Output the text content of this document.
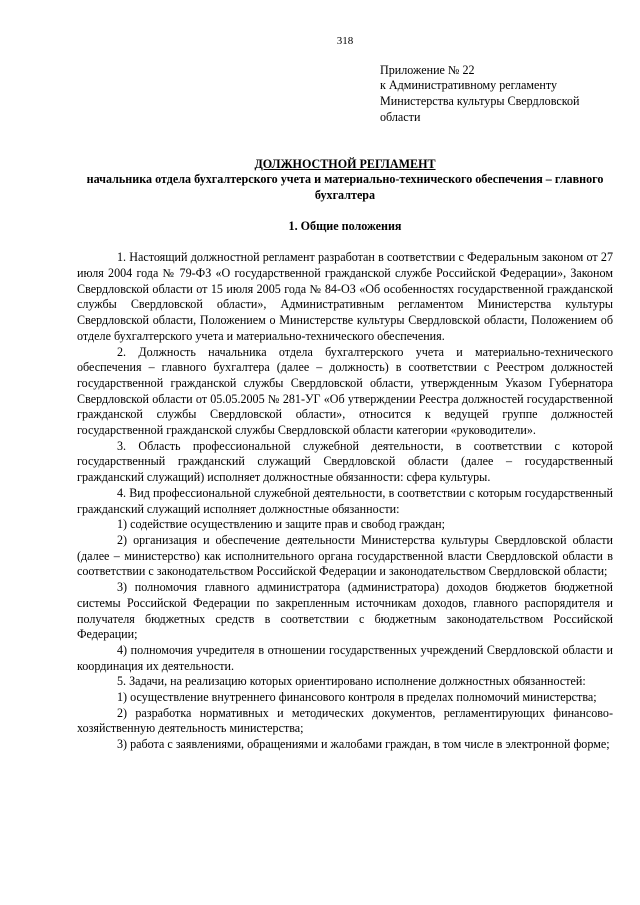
318
Приложение № 22
к Административному регламенту
Министерства культуры Свердловской
области
ДОЛЖНОСТНОЙ РЕГЛАМЕНТ
начальника отдела бухгалтерского учета и материально-технического обеспечения – главного бухгалтера
1. Общие положения

1. Настоящий должностной регламент разработан в соответствии с Федеральным законом от 27 июля 2004 года № 79-ФЗ «О государственной гражданской службе Российской Федерации», Законом Свердловской области от 15 июля 2005 года № 84-ОЗ «Об особенностях государственной гражданской службы Свердловской области», Административным регламентом Министерства культуры Свердловской области, Положением о Министерстве культуры Свердловской области, Положением об отделе бухгалтерского учета и материально-технического обеспечения.

2. Должность начальника отдела бухгалтерского учета и материально-технического обеспечения – главного бухгалтера (далее – должность) в соответствии с Реестром должностей государственной гражданской службы Свердловской области, утвержденным Указом Губернатора Свердловской области от 05.05.2005 № 281-УГ «Об утверждении Реестра должностей государственной гражданской службы Свердловской области», относится к ведущей группе должностей государственной гражданской службы Свердловской области категории «руководители».

3. Область профессиональной служебной деятельности, в соответствии с которой государственный гражданский служащий Свердловской области (далее – государственный гражданский служащий) исполняет должностные обязанности: сфера культуры.

4. Вид профессиональной служебной деятельности, в соответствии с которым государственный гражданский служащий исполняет должностные обязанности:

1) содействие осуществлению и защите прав и свобод граждан;

2) организация и обеспечение деятельности Министерства культуры Свердловской области (далее – министерство) как исполнительного органа государственной власти Свердловской области в соответствии с законодательством Российской Федерации и законодательством Свердловской области;

3) полномочия главного администратора (администратора) доходов бюджетов бюджетной системы Российской Федерации по закрепленным источникам доходов, главного распорядителя и получателя бюджетных средств в соответствии с бюджетным законодательством Российской Федерации;

4) полномочия учредителя в отношении государственных учреждений Свердловской области и координация их деятельности.

5. Задачи, на реализацию которых ориентировано исполнение должностных обязанностей:

1) осуществление внутреннего финансового контроля в пределах полномочий министерства;

2) разработка нормативных и методических документов, регламентирующих финансово-хозяйственную деятельность министерства;

3) работа с заявлениями, обращениями и жалобами граждан, в том числе в электронной форме;
